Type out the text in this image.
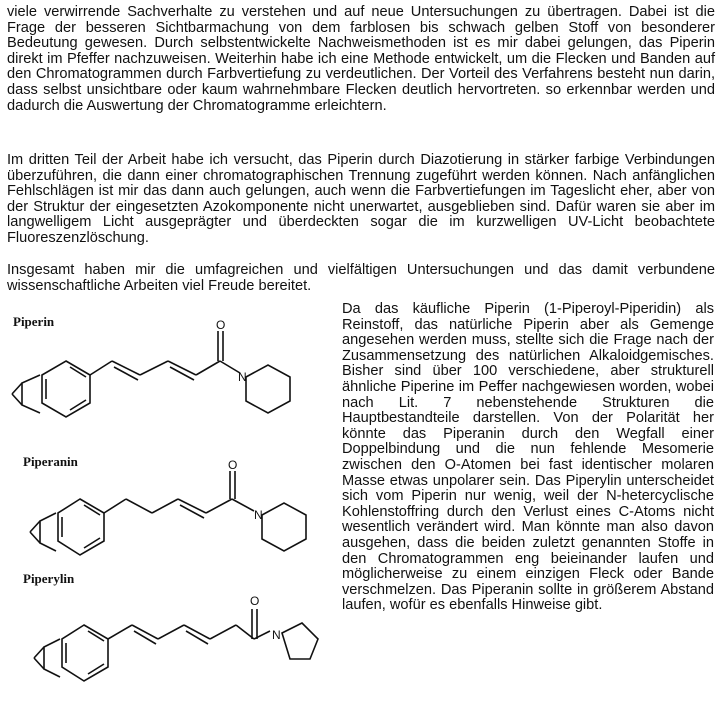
viele verwirrende Sachverhalte zu verstehen und auf neue Untersuchungen zu übertragen. Dabei ist die Frage der besseren Sichtbarmachung von dem farblosen bis schwach gelben Stoff von besonderer Bedeutung gewesen. Durch selbstentwickelte Nachweismethoden ist es mir dabei gelungen, das Piperin direkt im Pfeffer nachzuweisen. Weiterhin habe ich eine Methode entwickelt, um die Flecken und Banden auf den Chromatogrammen durch Farbvertiefung zu verdeutlichen. Der Vorteil des Verfahrens besteht nun darin, dass selbst unsichtbare oder kaum wahrnehmbare Flecken deutlich hervortreten. so erkennbar werden und dadurch die Auswertung der Chromatogramme erleichtern.

Im dritten Teil der Arbeit habe ich versucht, das Piperin durch Diazotierung in stärker farbige Verbindungen überzuführen, die dann einer chromatographischen Trennung zugeführt werden können. Nach anfänglichen Fehlschlägen ist mir das dann auch gelungen, auch wenn die Farbvertiefungen im Tageslicht eher, aber von der Struktur der eingesetzten Azokomponente nicht unerwartet, ausgeblieben sind. Dafür waren sie aber im langwelligem Licht ausgeprägter und überdeckten sogar die im kurzwelligen UV-Licht beobachtete Fluoreszenzlöschung.

Insgesamt haben mir die umfagreichen und vielfältigen Untersuchungen und das damit verbundene wissenschaftliche Arbeiten viel Freude bereitet.

Da das käufliche Piperin (1-Piperoyl-Piperidin) als Reinstoff, das natürliche Piperin aber als Gemenge angesehen werden muss, stellte sich die Frage nach der Zusammensetzung des natürlichen Alkaloidgemisches. Bisher sind über 100 verschiedene, aber strukturell ähnliche Piperine im Peffer nachgewiesen worden, wobei nach Lit. 7 nebenstehende Strukturen die Hauptbestandteile darstellen. Von der Polarität her könnte das Piperanin durch den Wegfall einer Doppelbindung und die nun fehlende Mesomerie zwischen den O-Atomen bei fast identischer molaren Masse etwas unpolarer sein. Das Piperylin unterscheidet sich vom Piperin nur wenig, weil der N-hetercyclische Kohlenstoffring durch den Verlust eines C-Atoms nicht wesentlich verändert wird. Man könnte man also davon ausgehen, dass die beiden zuletzt genannten Stoffe in den Chromatogrammen eng beieinander laufen und möglicherweise zu einem einzigen Fleck oder Bande verschmelzen. Das Piperanin sollte in größerem Abstand laufen, wofür es ebenfalls Hinweise gibt.

Piperin

Piperanin

Piperylin

O
N
O
N
O
N
